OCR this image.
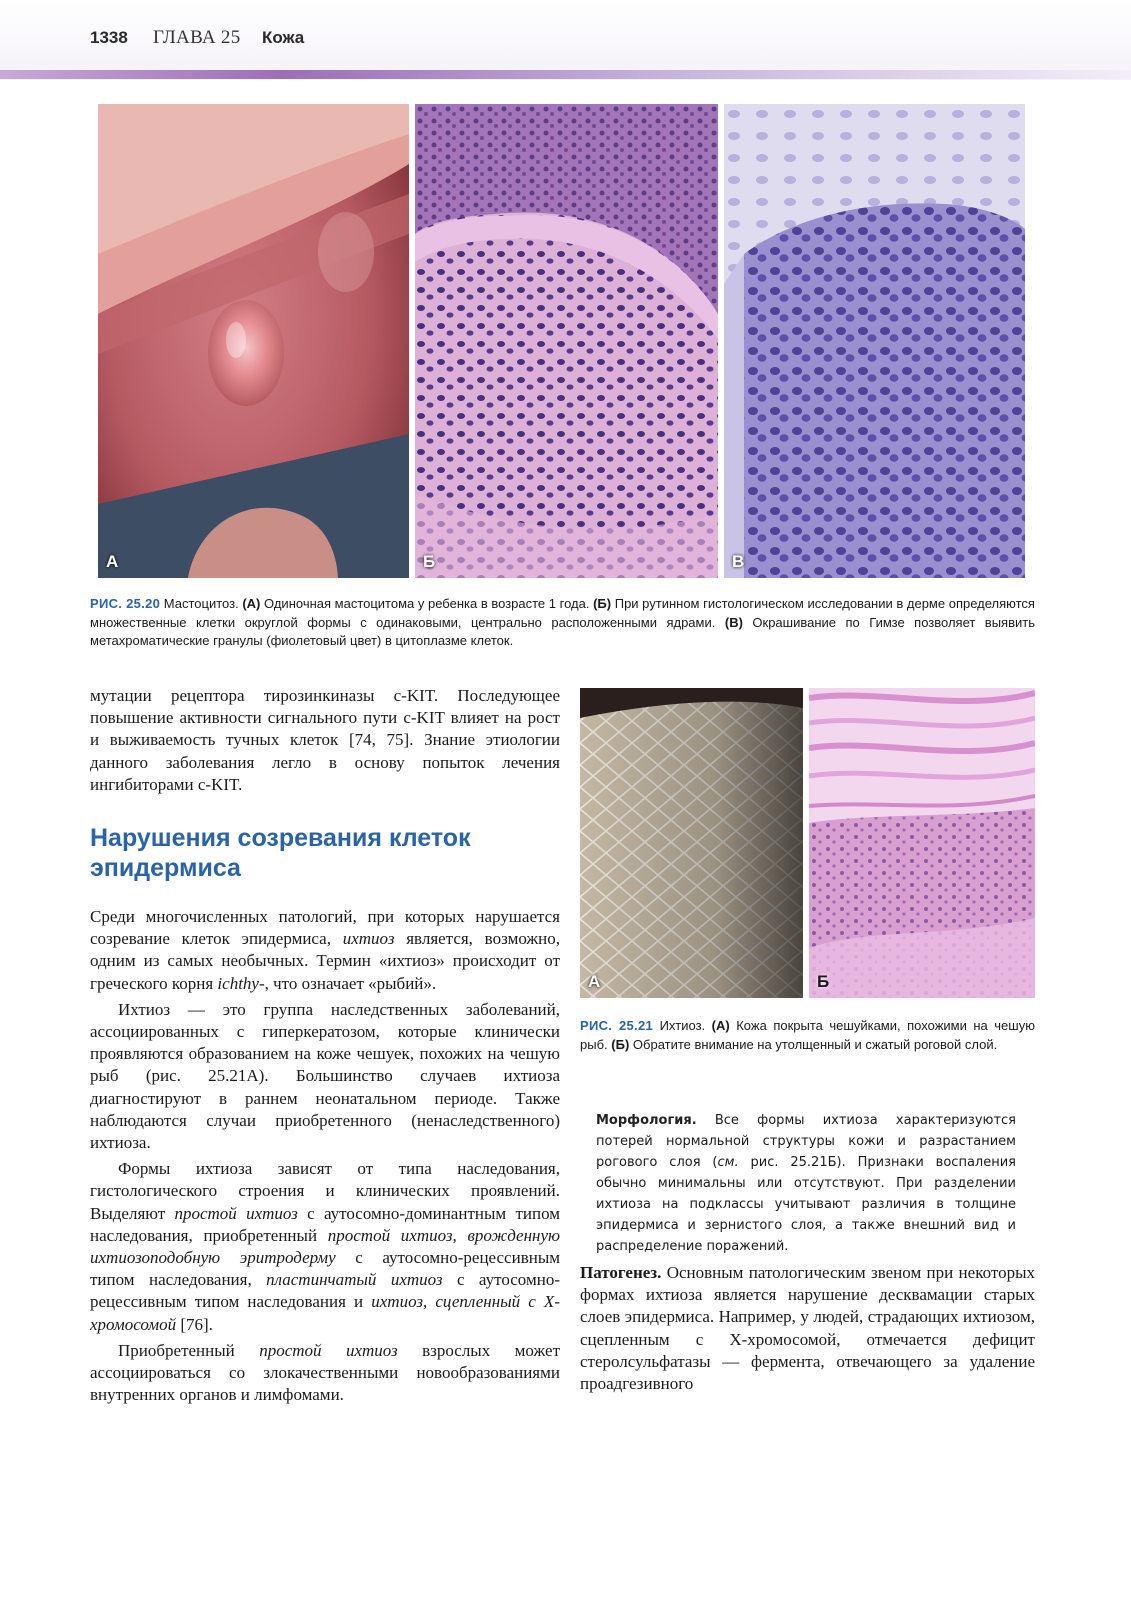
1338 ГЛАВА 25 Кожа
А	Б	В
РИС. 25.20 Мастоцитоз. (А) Одиночная мастоцитома у ребенка в возрасте 1 года. (Б) При рутинном гистологическом исследовании в дерме определяются множественные клетки округлой формы с одинаковыми, центрально расположенными ядрами. (В) Окрашивание по Гимзе позволяет выявить метахроматические гранулы (фиолетовый цвет) в цитоплазме клеток.

мутации рецептора тирозинкиназы c-KIT. Последующее повышение активности сигнального пути c-KIT влияет на рост и выживаемость тучных клеток [74, 75]. Знание этиологии данного заболевания легло в основу попыток лечения ингибиторами c-KIT.

Нарушения созревания клеток эпидермиса

Среди многочисленных патологий, при которых нарушается созревание клеток эпидермиса, ихтиоз является, возможно, одним из самых необычных. Термин «ихтиоз» происходит от греческого корня ichthy-, что означает «рыбий».

Ихтиоз — это группа наследственных заболеваний, ассоциированных с гиперкератозом, которые клинически проявляются образованием на коже чешуек, похожих на чешую рыб (рис. 25.21А). Большинство случаев ихтиоза диагностируют в раннем неонатальном периоде. Также наблюдаются случаи приобретенного (ненаследственного) ихтиоза.

Формы ихтиоза зависят от типа наследования, гистологического строения и клинических проявлений. Выделяют простой ихтиоз с аутосомно-доминантным типом наследования, приобретенный простой ихтиоз, врожденную ихтиозоподобную эритродерму с аутосомно-рецессивным типом наследования, пластинчатый ихтиоз с аутосомно-рецессивным типом наследования и ихтиоз, сцепленный с X-хромосомой [76].

Приобретенный простой ихтиоз взрослых может ассоциироваться со злокачественными новообразованиями внутренних органов и лимфомами.

А	Б
РИС. 25.21 Ихтиоз. (А) Кожа покрыта чешуйками, похожими на чешую рыб. (Б) Обратите внимание на утолщенный и сжатый роговой слой.
Морфология. Все формы ихтиоза характеризуются потерей нормальной структуры кожи и разрастанием рогового слоя (см. рис. 25.21Б). Признаки воспаления обычно минимальны или отсутствуют. При разделении ихтиоза на подклассы учитывают различия в толщине эпидермиса и зернистого слоя, а также внешний вид и распределение поражений.

Патогенез. Основным патологическим звеном при некоторых формах ихтиоза является нарушение десквамации старых слоев эпидермиса. Например, у людей, страдающих ихтиозом, сцепленным с X-хромосомой, отмечается дефицит стеролсульфатазы — фермента, отвечающего за удаление проадгезивного
